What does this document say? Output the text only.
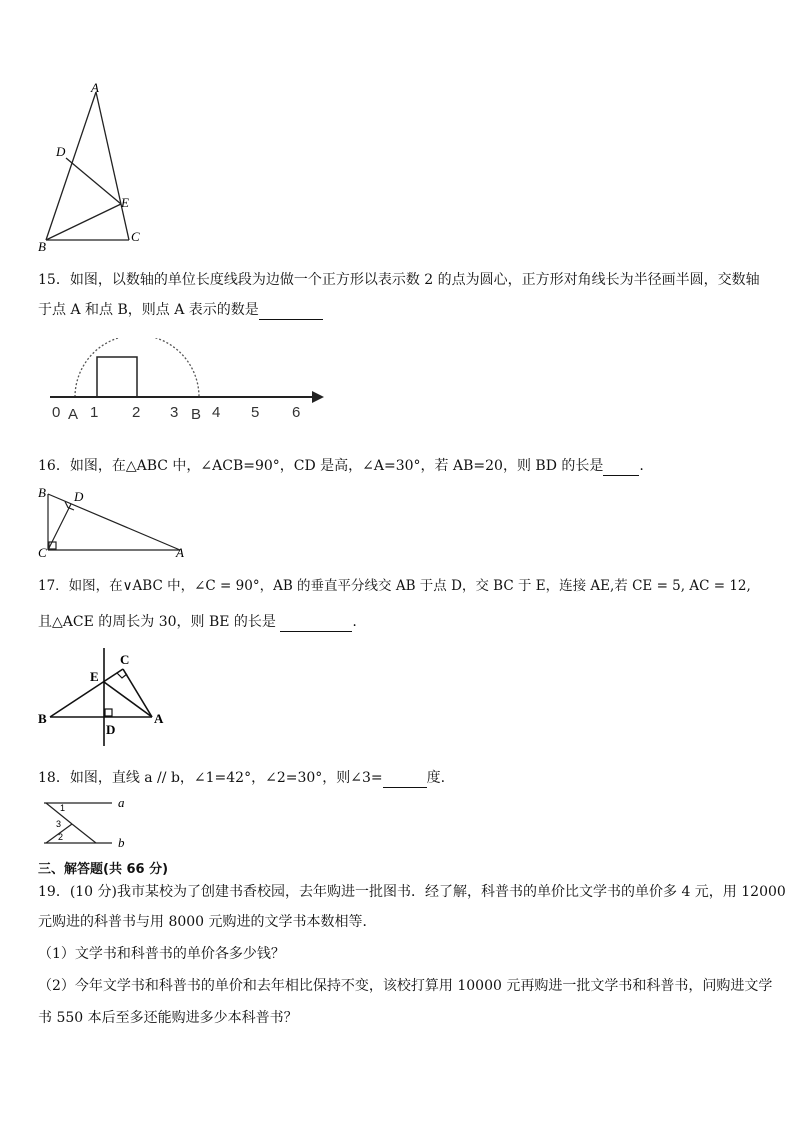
A
D
E
B
C
15．如图，以数轴的单位长度线段为边做一个正方形以表示数 2 的点为圆心，正方形对角线长为半径画半圆，交数轴
于点 A 和点 B，则点 A 表示的数是
0 A 1 2 3 B 4 5 6
16．如图，在△ABC 中，∠ACB=90°，CD 是高，∠A=30°，若 AB=20，则 BD 的长是	.
B D
C	A
17．如图，在∨ABC 中，∠C = 90°，AB 的垂直平分线交 AB 于点 D，交 BC 于 E，连接 AE,若 CE = 5, AC = 12,
且△ACE 的周长为 30，则 BE 的长是	.
C
E
B	A
D
18．如图，直线 a // b，∠1=42°，∠2=30°，则∠3=	度.
1
3
2
a
b
三、解答题(共 66 分)
19．(10 分)我市某校为了创建书香校园，去年购进一批图书．经了解，科普书的单价比文学书的单价多 4 元，用 12000
元购进的科普书与用 8000 元购进的文学书本数相等．
（1）文学书和科普书的单价各多少钱？
（2）今年文学书和科普书的单价和去年相比保持不变，该校打算用 10000 元再购进一批文学书和科普书，问购进文学
书 550 本后至多还能购进多少本科普书？
